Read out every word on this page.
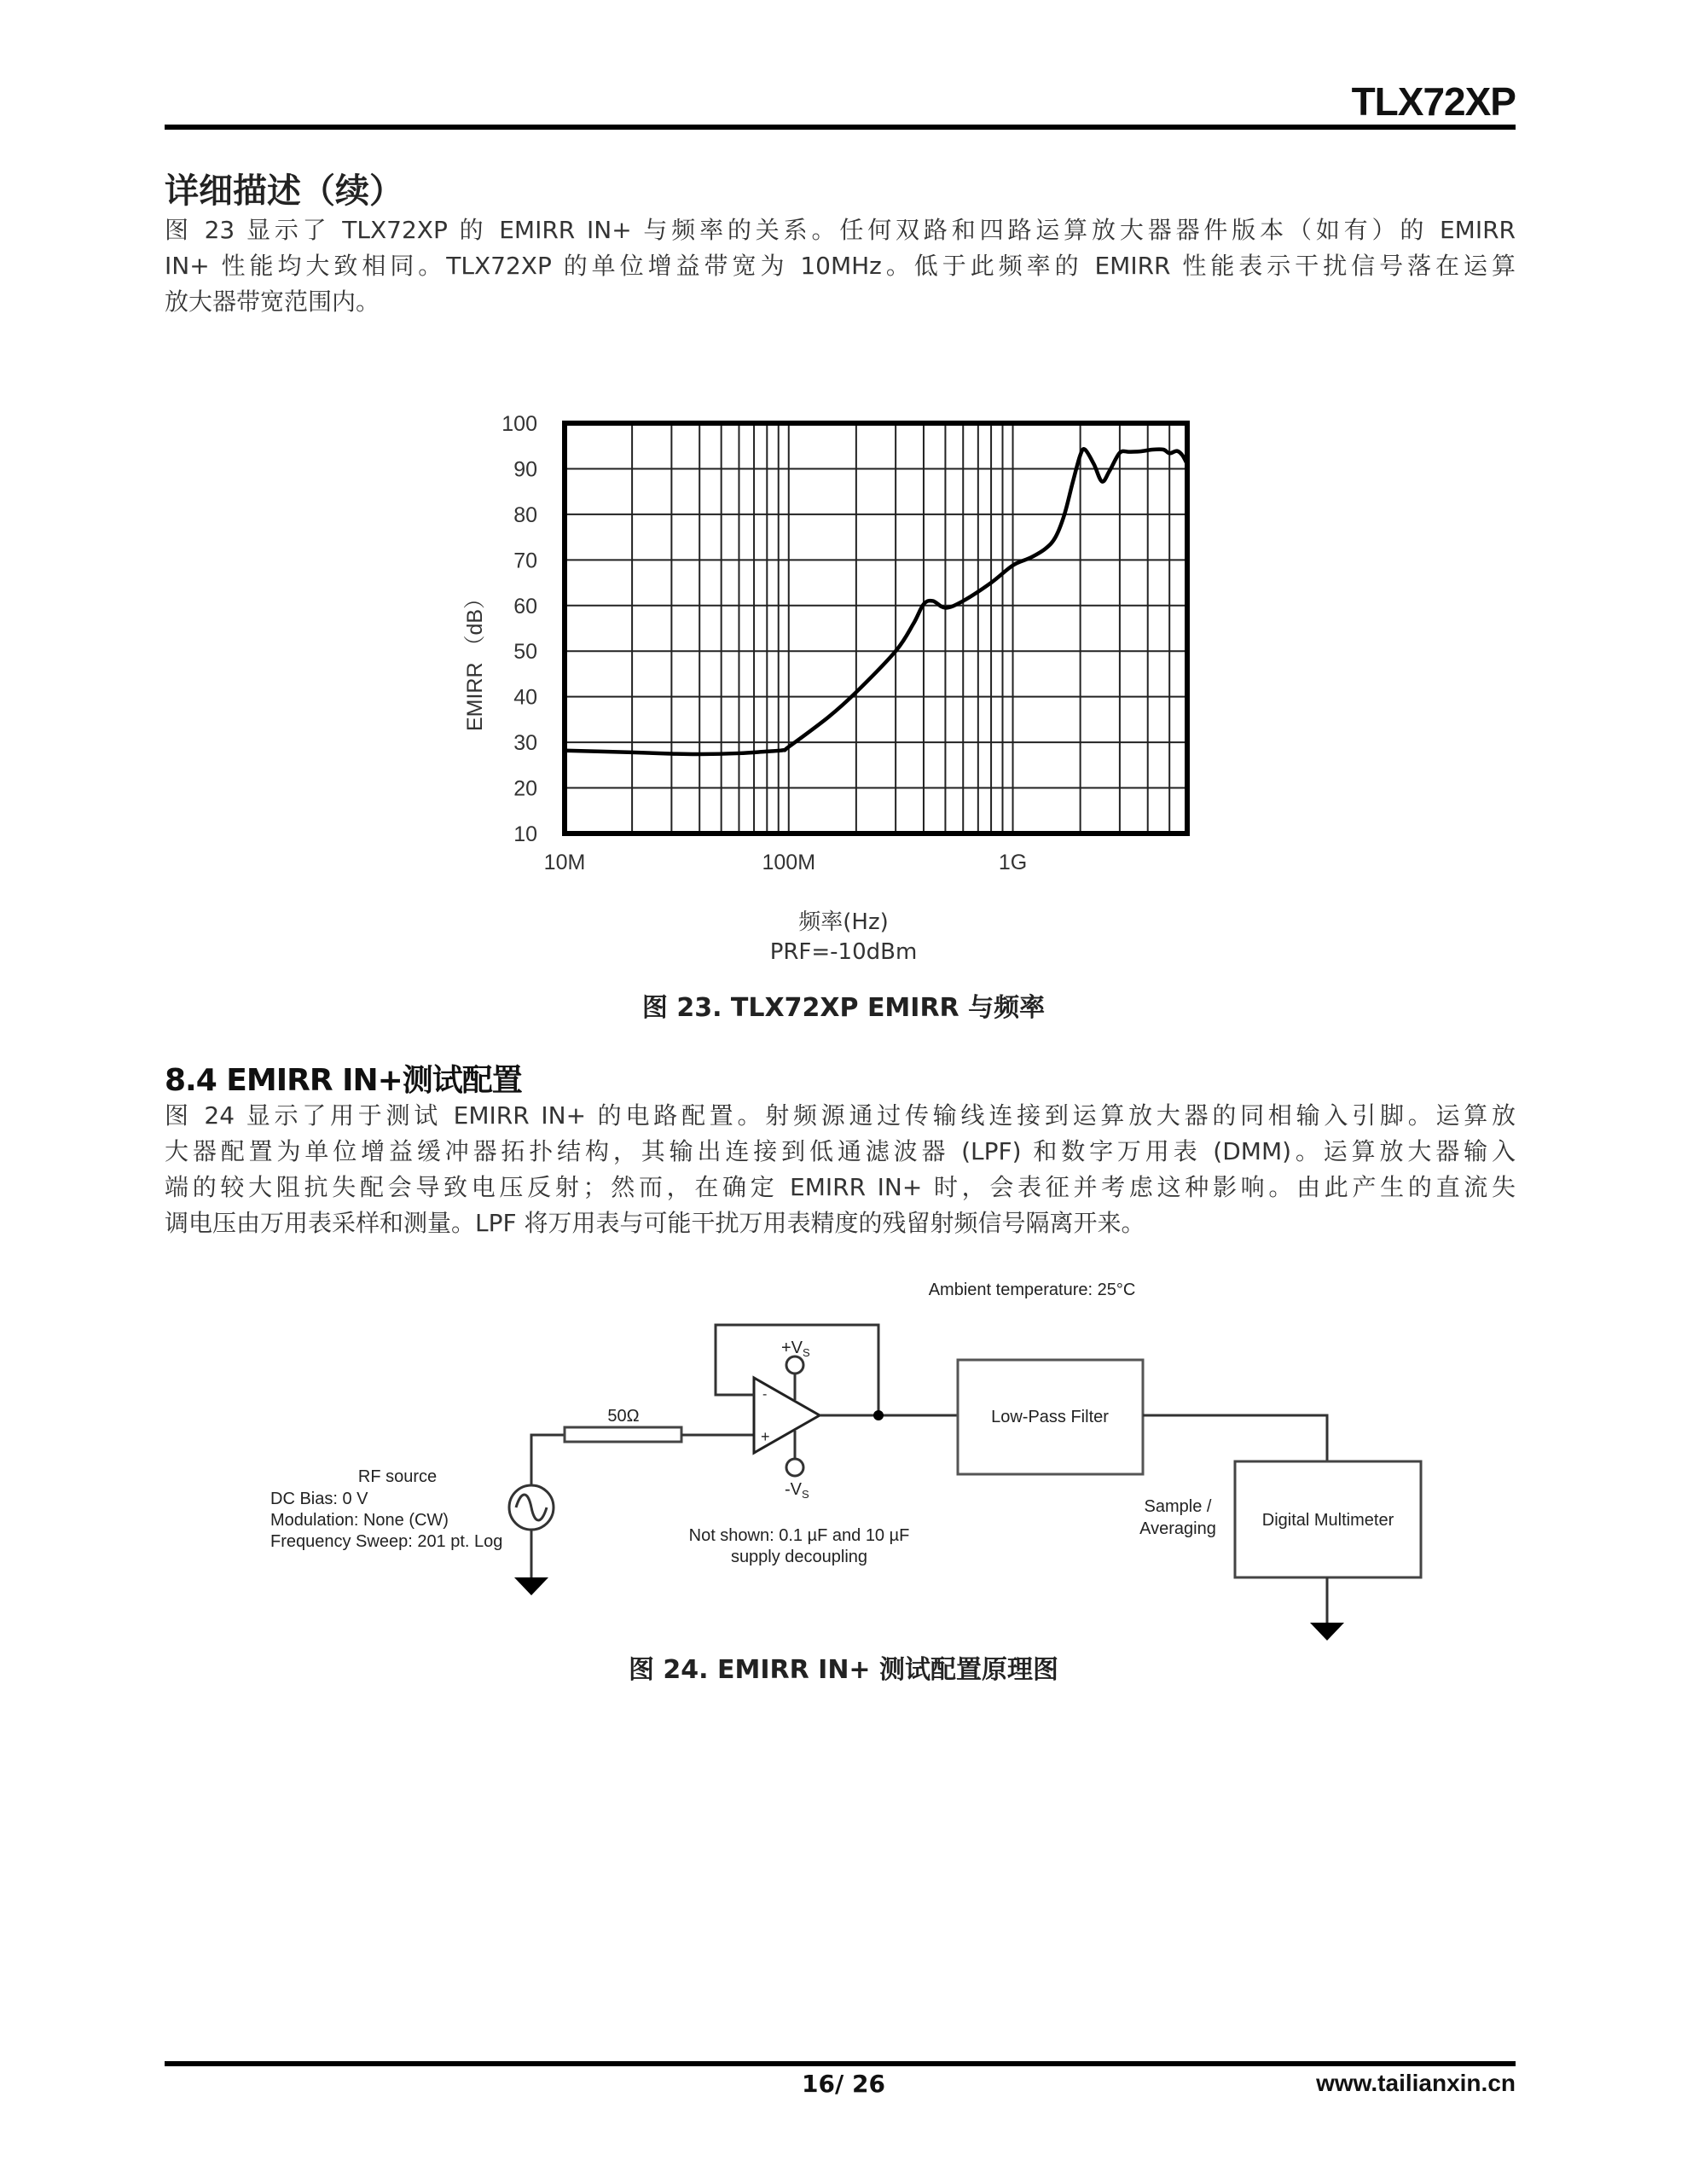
TLX72XP
详细描述（续）
图 23 显示了 TLX72XP 的 EMIRR IN+ 与频率的关系。任何双路和四路运算放大器器件版本（如有）的 EMIRR
IN+ 性能均大致相同。TLX72XP 的单位增益带宽为 10MHz。低于此频率的 EMIRR 性能表示干扰信号落在运算
放大器带宽范围内。
100
90
80
70
60
50
40
30
20
10
10M	100M	1G
EMIRR （dB）
频率(Hz)
PRF=-10dBm
图 23. TLX72XP EMIRR 与频率
8.4 EMIRR IN+测试配置
图 24 显示了用于测试 EMIRR IN+ 的电路配置。射频源通过传输线连接到运算放大器的同相输入引脚。运算放
大器配置为单位增益缓冲器拓扑结构，其输出连接到低通滤波器 (LPF) 和数字万用表 (DMM)。运算放大器输入
端的较大阻抗失配会导致电压反射；然而，在确定 EMIRR IN+ 时，会表征并考虑这种影响。由此产生的直流失
调电压由万用表采样和测量。LPF 将万用表与可能干扰万用表精度的残留射频信号隔离开来。
Ambient temperature: 25°C
50Ω
-
+
$+V_S$
$-V_S$
RF source
DC Bias: 0 V
Modulation: None (CW)
Frequency Sweep: 201 pt. Log	Not shown: 0.1 µF and 10 µF
supply decoupling
Low-Pass Filter
Sample /
Averaging	Digital Multimeter
图 24. EMIRR IN+ 测试配置原理图
16/ 26	www.tailianxin.cn
